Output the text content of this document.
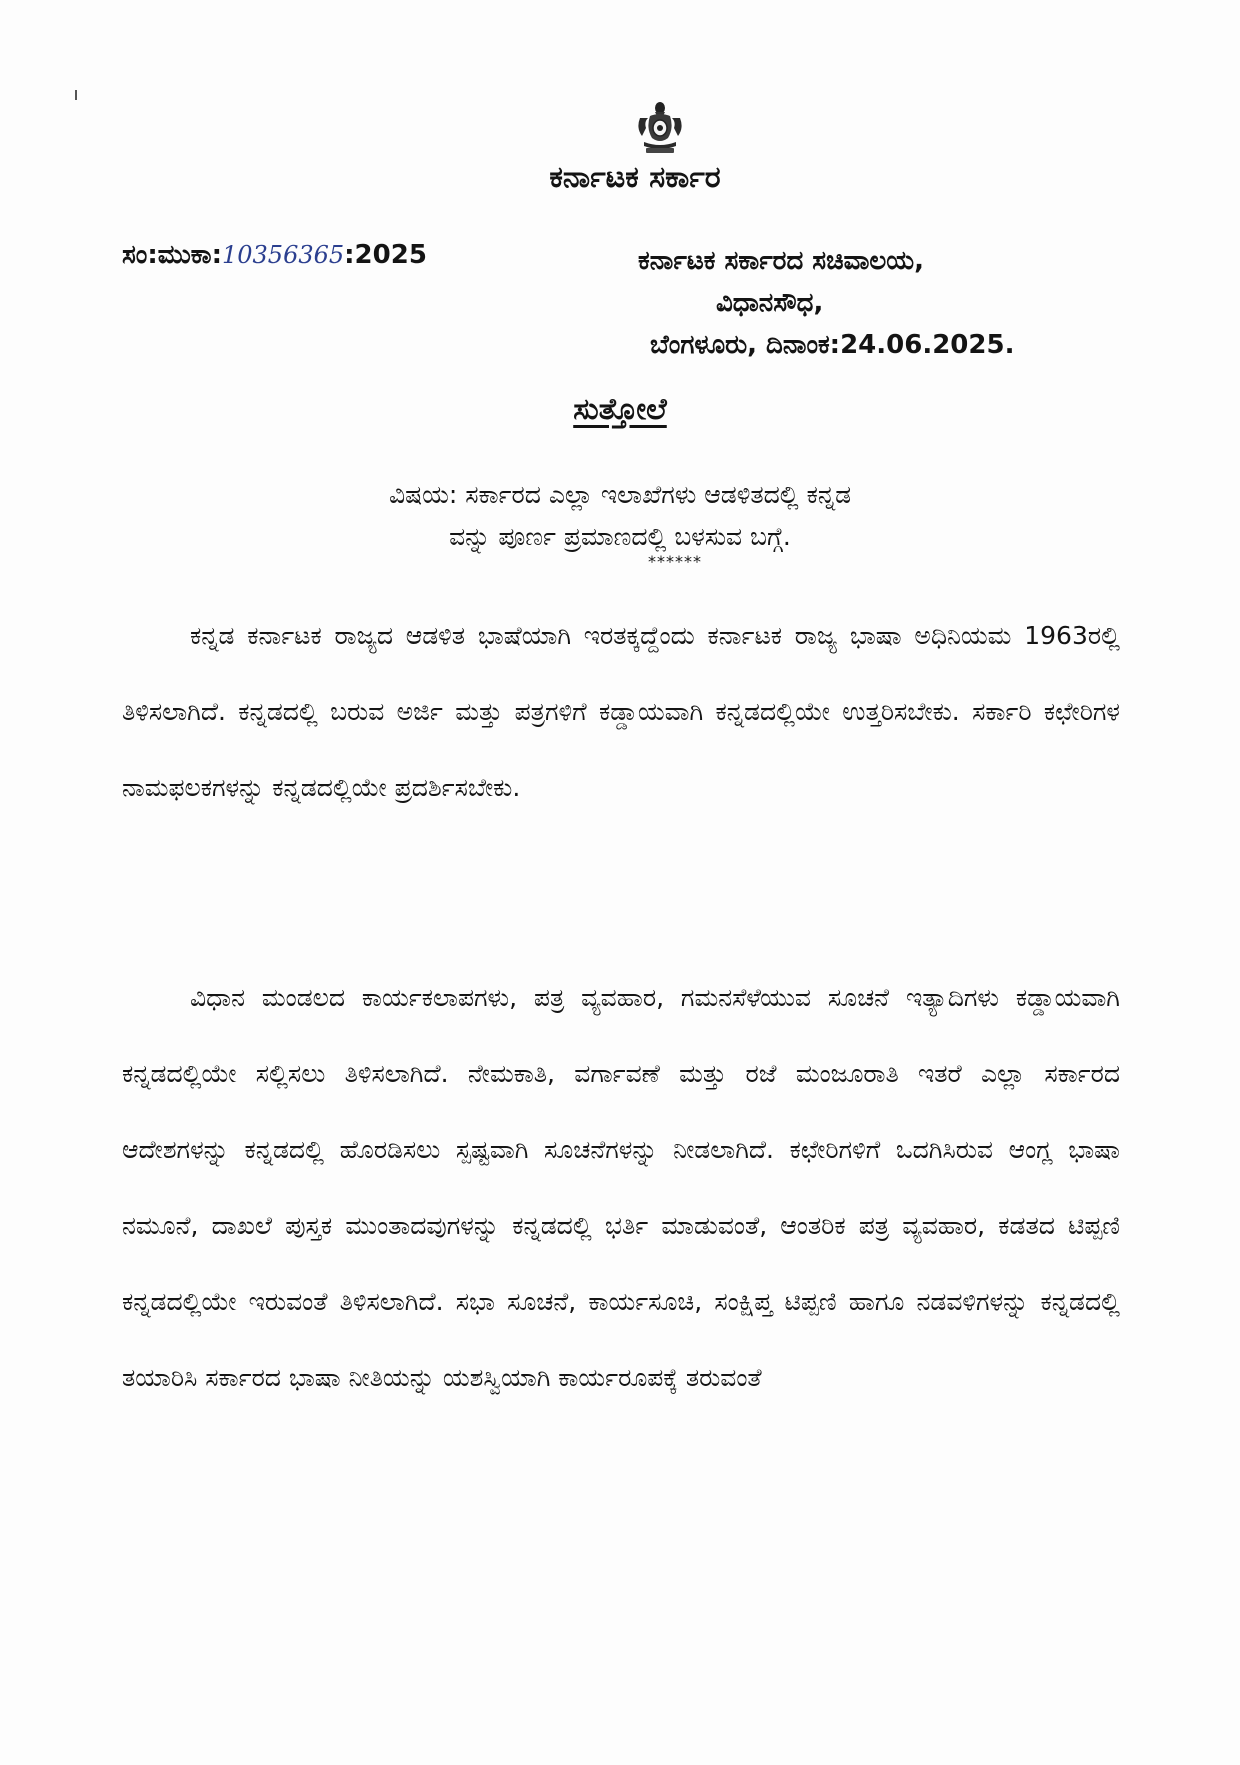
ಕರ್ನಾಟಕ ಸರ್ಕಾರ
ಸಂ:ಮುಕಾ:10356365:2025	ಕರ್ನಾಟಕ ಸರ್ಕಾರದ ಸಚಿವಾಲಯ,
ವಿಧಾನಸೌಧ,
ಬೆಂಗಳೂರು, ದಿನಾಂಕ:24.06.2025.
ಸುತ್ತೋಲೆ
ವಿಷಯ: ಸರ್ಕಾರದ ಎಲ್ಲಾ ಇಲಾಖೆಗಳು ಆಡಳಿತದಲ್ಲಿ ಕನ್ನಡ
ವನ್ನು ಪೂರ್ಣ ಪ್ರಮಾಣದಲ್ಲಿ ಬಳಸುವ ಬಗ್ಗೆ.
******

ಕನ್ನಡ ಕರ್ನಾಟಕ ರಾಜ್ಯದ ಆಡಳಿತ ಭಾಷೆಯಾಗಿ ಇರತಕ್ಕದ್ದೆಂದು ಕರ್ನಾಟಕ ರಾಜ್ಯ ಭಾಷಾ ಅಧಿನಿಯಮ 1963ರಲ್ಲಿ ತಿಳಿಸಲಾಗಿದೆ. ಕನ್ನಡದಲ್ಲಿ ಬರುವ ಅರ್ಜಿ ಮತ್ತು ಪತ್ರಗಳಿಗೆ ಕಡ್ಡಾಯವಾಗಿ ಕನ್ನಡದಲ್ಲಿಯೇ ಉತ್ತರಿಸಬೇಕು. ಸರ್ಕಾರಿ ಕಛೇರಿಗಳ ನಾಮಫಲಕಗಳನ್ನು ಕನ್ನಡದಲ್ಲಿಯೇ ಪ್ರದರ್ಶಿಸಬೇಕು.

ವಿಧಾನ ಮಂಡಲದ ಕಾರ್ಯಕಲಾಪಗಳು, ಪತ್ರ ವ್ಯವಹಾರ, ಗಮನಸೆಳೆಯುವ ಸೂಚನೆ ಇತ್ಯಾದಿಗಳು ಕಡ್ಡಾಯವಾಗಿ ಕನ್ನಡದಲ್ಲಿಯೇ ಸಲ್ಲಿಸಲು ತಿಳಿಸಲಾಗಿದೆ. ನೇಮಕಾತಿ, ವರ್ಗಾವಣೆ ಮತ್ತು ರಜೆ ಮಂಜೂರಾತಿ ಇತರೆ ಎಲ್ಲಾ ಸರ್ಕಾರದ ಆದೇಶಗಳನ್ನು ಕನ್ನಡದಲ್ಲಿ ಹೊರಡಿಸಲು ಸ್ಪಷ್ಟವಾಗಿ ಸೂಚನೆಗಳನ್ನು ನೀಡಲಾಗಿದೆ. ಕಛೇರಿಗಳಿಗೆ ಒದಗಿಸಿರುವ ಆಂಗ್ಲ ಭಾಷಾ ನಮೂನೆ, ದಾಖಲೆ ಪುಸ್ತಕ ಮುಂತಾದವುಗಳನ್ನು ಕನ್ನಡದಲ್ಲಿ ಭರ್ತಿ ಮಾಡುವಂತೆ, ಆಂತರಿಕ ಪತ್ರ ವ್ಯವಹಾರ, ಕಡತದ ಟಿಪ್ಪಣಿ ಕನ್ನಡದಲ್ಲಿಯೇ ಇರುವಂತೆ ತಿಳಿಸಲಾಗಿದೆ. ಸಭಾ ಸೂಚನೆ, ಕಾರ್ಯಸೂಚಿ, ಸಂಕ್ಷಿಪ್ತ ಟಿಪ್ಪಣಿ ಹಾಗೂ ನಡವಳಿಗಳನ್ನು ಕನ್ನಡದಲ್ಲಿ ತಯಾರಿಸಿ ಸರ್ಕಾರದ ಭಾಷಾ ನೀತಿಯನ್ನು ಯಶಸ್ವಿಯಾಗಿ ಕಾರ್ಯರೂಪಕ್ಕೆ ತರುವಂತೆ
